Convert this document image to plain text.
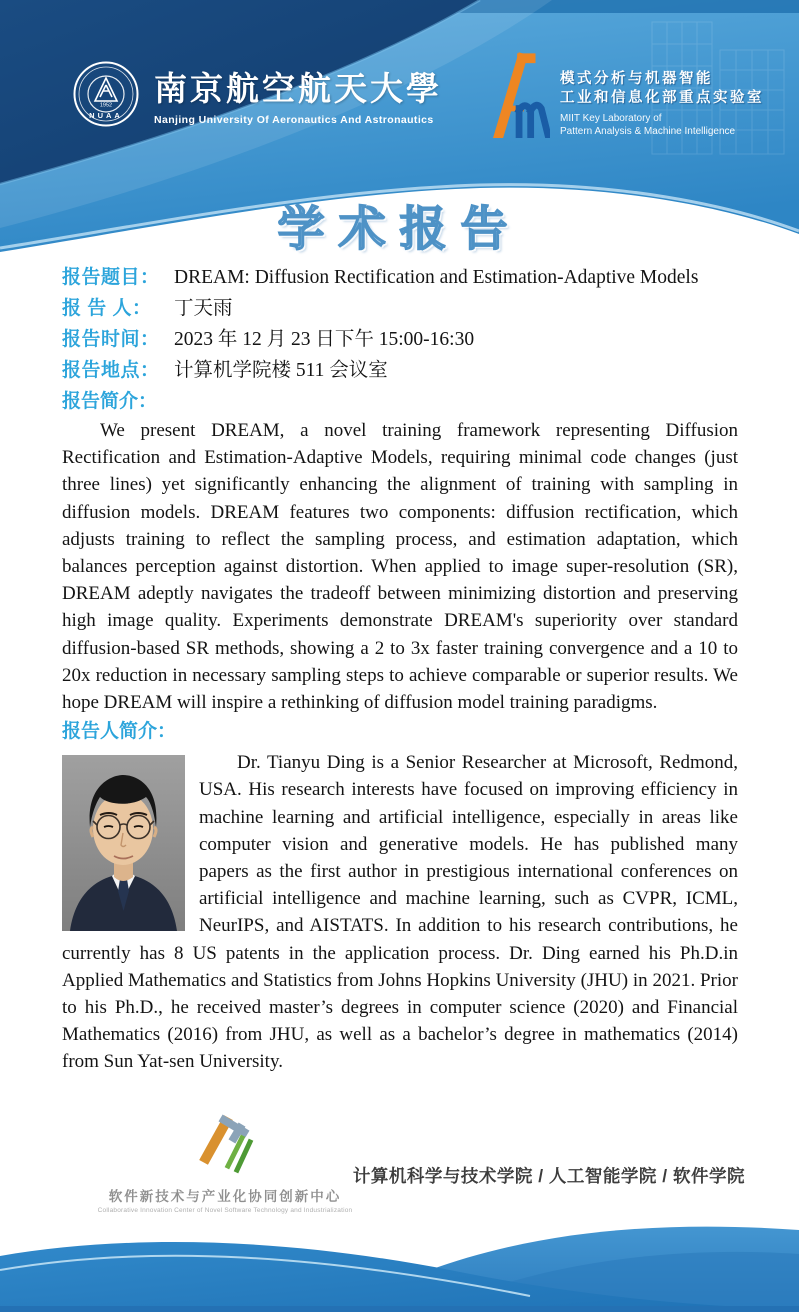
1952
NUAA
南京航空航天大學
Nanjing University Of Aeronautics And Astronautics
模式分析与机器智能
工业和信息化部重点实验室
MIIT Key Laboratory of
Pattern Analysis & Machine Intelligence
学术报告
报告题目： DREAM: Diffusion Rectification and Estimation-Adaptive Models
报 告 人：	丁天雨
报告时间： 2023 年 12 月 23 日下午 15:00-16:30
报告地点： 计算机学院楼 511 会议室
报告简介：

We present DREAM, a novel training framework representing Diffusion Rectification and Estimation-Adaptive Models, requiring minimal code changes (just three lines) yet significantly enhancing the alignment of training with sampling in diffusion models. DREAM features two components: diffusion rectification, which adjusts training to reflect the sampling process, and estimation adaptation, which balances perception against distortion. When applied to image super-resolution (SR), DREAM adeptly navigates the tradeoff between minimizing distortion and preserving high image quality. Experiments demonstrate DREAM's superiority over standard diffusion-based SR methods, showing a 2 to 3x faster training convergence and a 10 to 20x reduction in necessary sampling steps to achieve comparable or superior results. We hope DREAM will inspire a rethinking of diffusion model training paradigms.

报告人简介：

Dr. Tianyu Ding is a Senior Researcher at Microsoft, Redmond, USA. His research interests have focused on improving efficiency in machine learning and artificial intelligence, especially in areas like computer vision and generative models. He has published many papers as the first author in prestigious international conferences on artificial intelligence and machine learning, such as CVPR, ICML, NeurIPS, and AISTATS. In addition to his research contributions, he currently has 8 US patents in the application process. Dr. Ding earned his Ph.D.in Applied Mathematics and Statistics from Johns Hopkins University (JHU) in 2021. Prior to his Ph.D., he received master’s degrees in computer science (2020) and Financial Mathematics (2016) from JHU, as well as a bachelor’s degree in mathematics (2014) from Sun Yat-sen University.

软件新技术与产业化协同创新中心
Collaborative Innovation Center of Novel Software Technology and Industrialization
计算机科学与技术学院 / 人工智能学院 / 软件学院
